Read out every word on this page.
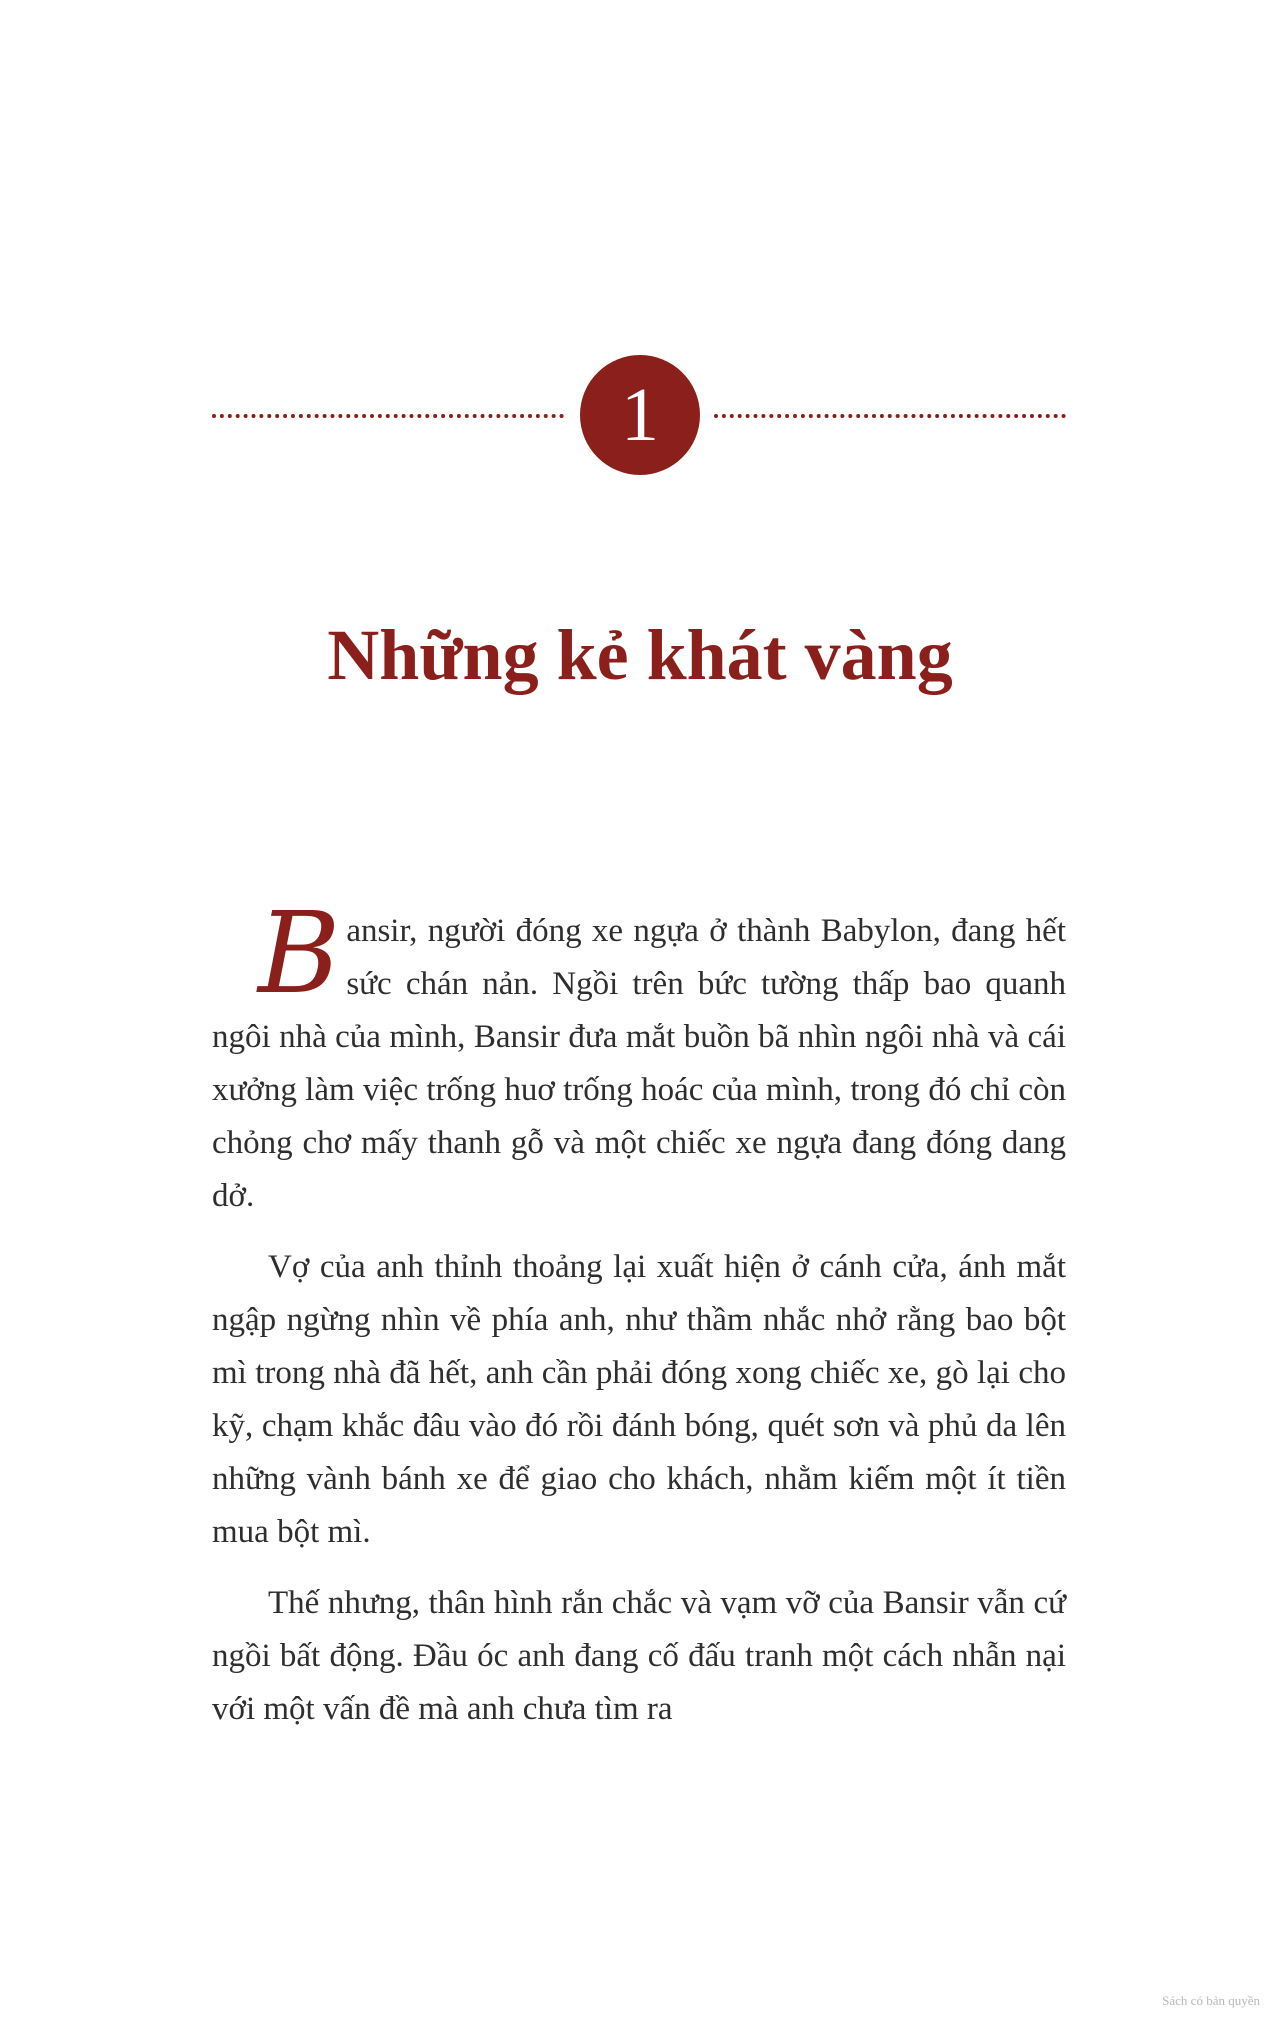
1
Những kẻ khát vàng

Bansir, người đóng xe ngựa ở thành Babylon, đang hết sức chán nản. Ngồi trên bức tường thấp bao quanh ngôi nhà của mình, Bansir đưa mắt buồn bã nhìn ngôi nhà và cái xưởng làm việc trống huơ trống hoác của mình, trong đó chỉ còn chỏng chơ mấy thanh gỗ và một chiếc xe ngựa đang đóng dang dở.

Vợ của anh thỉnh thoảng lại xuất hiện ở cánh cửa, ánh mắt ngập ngừng nhìn về phía anh, như thầm nhắc nhở rằng bao bột mì trong nhà đã hết, anh cần phải đóng xong chiếc xe, gò lại cho kỹ, chạm khắc đâu vào đó rồi đánh bóng, quét sơn và phủ da lên những vành bánh xe để giao cho khách, nhằm kiếm một ít tiền mua bột mì.

Thế nhưng, thân hình rắn chắc và vạm vỡ của Bansir vẫn cứ ngồi bất động. Đầu óc anh đang cố đấu tranh một cách nhẫn nại với một vấn đề mà anh chưa tìm ra

Sách có bản quyền
